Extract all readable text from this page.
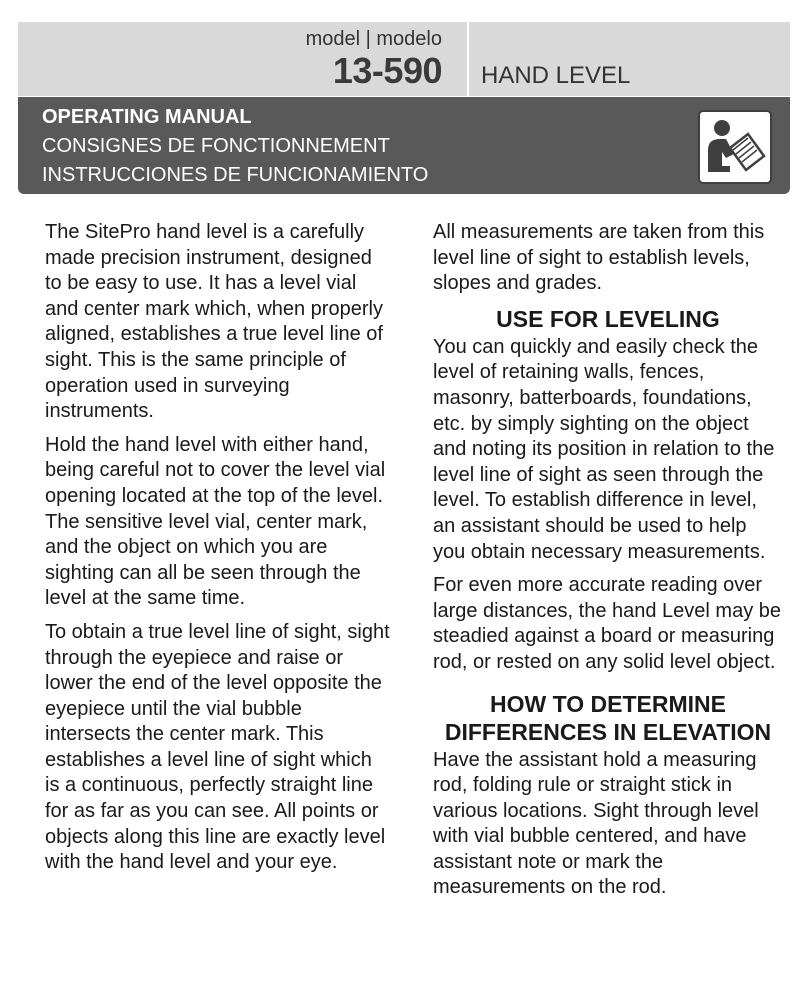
model | modelo
13-590 HAND LEVEL
OPERATING MANUAL
CONSIGNES DE FONCTIONNEMENT
INSTRUCCIONES DE FUNCIONAMIENTO

The SitePro hand level is a carefully made precision instrument, designed to be easy to use. It has a level vial and center mark which, when properly aligned, establishes a true level line of sight. This is the same principle of operation used in surveying instruments.

Hold the hand level with either hand, being careful not to cover the level vial opening located at the top of the level. The sensitive level vial, center mark, and the object on which you are sighting can all be seen through the level at the same time.

To obtain a true level line of sight, sight through the eyepiece and raise or lower the end of the level opposite the eyepiece until the vial bubble intersects the center mark. This establishes a level line of sight which is a continuous, perfectly straight line for as far as you can see. All points or objects along this line are exactly level with the hand level and your eye.

All measurements are taken from this level line of sight to establish levels, slopes and grades.

USE FOR LEVELING

You can quickly and easily check the level of retaining walls, fences, masonry, batterboards, foundations, etc. by simply sighting on the object and noting its position in relation to the level line of sight as seen through the level. To establish difference in level, an assistant should be used to help you obtain necessary measurements.

For even more accurate reading over large distances, the hand Level may be steadied against a board or measuring rod, or rested on any solid level object.

HOW TO DETERMINE
DIFFERENCES IN ELEVATION

Have the assistant hold a measuring rod, folding rule or straight stick in various locations. Sight through level with vial bubble centered, and have assistant note or mark the measurements on the rod.
